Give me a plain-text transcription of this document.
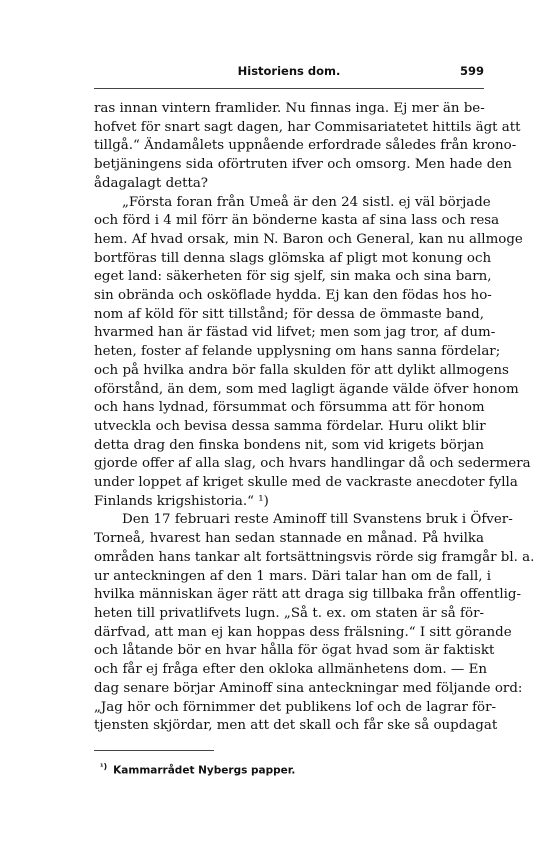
Historiens dom.	599
ras innan vintern framlider. Nu finnas inga. Ej mer än be-
hofvet för snart sagt dagen, har Commisariatetet hittils ägt att
tillgå.“ Ändamålets uppnående erfordrade således från krono-
betjäningens sida oförtruten ifver och omsorg. Men hade den
ådagalagt detta?
„Första foran från Umeå är den 24 sistl. ej väl började
och förd i 4 mil förr än bönderne kasta af sina lass och resa
hem. Af hvad orsak, min N. Baron och General, kan nu allmoge
bortföras till denna slags glömska af pligt mot konung och
eget land: säkerheten för sig sjelf, sin maka och sina barn,
sin obrända och osköflade hydda. Ej kan den födas hos ho-
nom af köld för sitt tillstånd; för dessa de ömmaste band,
hvarmed han är fästad vid lifvet; men som jag tror, af dum-
heten, foster af felande upplysning om hans sanna fördelar;
och på hvilka andra bör falla skulden för att dylikt allmogens
oförstånd, än dem, som med lagligt ägande välde öfver honom
och hans lydnad, försummat och försumma att för honom
utveckla och bevisa dessa samma fördelar. Huru olikt blir
detta drag den finska bondens nit, som vid krigets början
gjorde offer af alla slag, och hvars handlingar då och sedermera
under loppet af kriget skulle med de vackraste anecdoter fylla
Finlands krigshistoria.“ ¹)
Den 17 februari reste Aminoff till Svanstens bruk i Öfver-
Torneå, hvarest han sedan stannade en månad. På hvilka
områden hans tankar alt fortsättningsvis rörde sig framgår bl. a.
ur anteckningen af den 1 mars. Däri talar han om de fall, i
hvilka människan äger rätt att draga sig tillbaka från offentlig-
heten till privatlifvets lugn. „Så t. ex. om staten är så för-
därfvad, att man ej kan hoppas dess frälsning.“ I sitt görande
och låtande bör en hvar hålla för ögat hvad som är faktiskt
och får ej fråga efter den okloka allmänhetens dom. — En
dag senare börjar Aminoff sina anteckningar med följande ord:
„Jag hör och förnimmer det publikens lof och de lagrar för-
tjensten skjördar, men att det skall och får ske så oupdagat
$^{^1)}$ Kammarrådet Nybergs papper.
